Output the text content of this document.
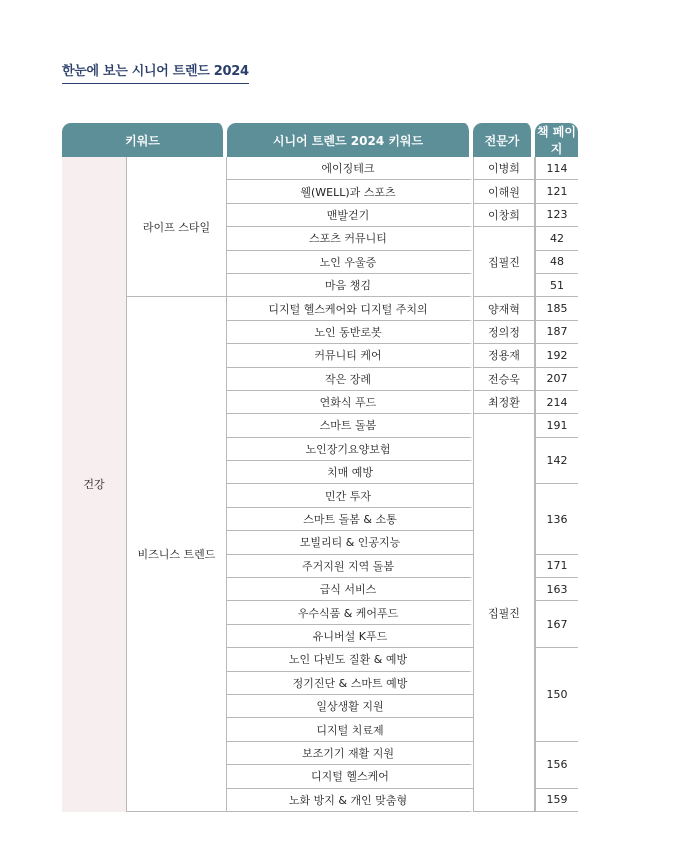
한눈에 보는 시니어 트렌드 2024
키워드		시니어 트렌드 2024 키워드	전문가	책 페이지
건강	라이프 스타일	에이징테크	이병희	114
		웰(WELL)과 스포츠	이해원	121
		맨발걷기	이창희	123
		스포츠 커뮤니티	집필진	42
		노인 우울증		48
		마음 챙김		51
	비즈니스 트렌드	디지털 헬스케어와 디지털 주치의	양재혁	185
		노인 동반로봇	정의정	187
		커뮤니티 케어	정용재	192
		작은 장례	전승욱	207
		연화식 푸드	최정환	214
		스마트 돌봄	집필진	191
		노인장기요양보험		142
		치매 예방		
		민간 투자		136
		스마트 돌봄 & 소통		
		모빌리티 & 인공지능		
		주거지원 지역 돌봄		171
		급식 서비스		163
		우수식품 & 케어푸드		167
		유니버설 K푸드		
		노인 다빈도 질환 & 예방		150
		정기진단 & 스마트 예방		
		일상생활 지원		
		디지털 치료제		
		보조기기 재활 지원		156
		디지털 헬스케어		
		노화 방지 & 개인 맞춤형		159
